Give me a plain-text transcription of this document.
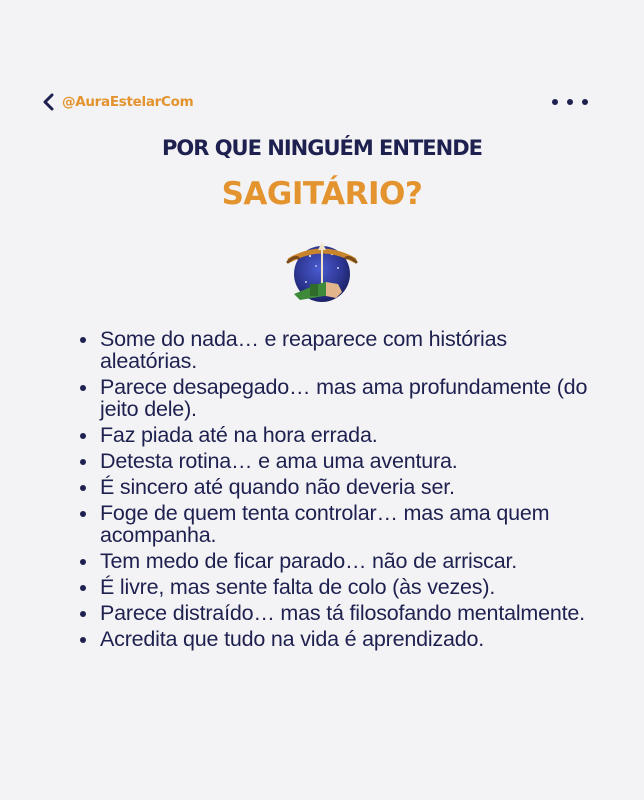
@AuraEstelarCom
POR QUE NINGUÉM ENTENDE
SAGITÁRIO?
Some do nada… e reaparece com histórias aleatórias.
Parece desapegado… mas ama profundamente (do jeito dele).
Faz piada até na hora errada.
Detesta rotina… e ama uma aventura.
É sincero até quando não deveria ser.
Foge de quem tenta controlar… mas ama quem acompanha.
Tem medo de ficar parado… não de arriscar.
É livre, mas sente falta de colo (às vezes).
Parece distraído… mas tá filosofando mentalmente.
Acredita que tudo na vida é aprendizado.
